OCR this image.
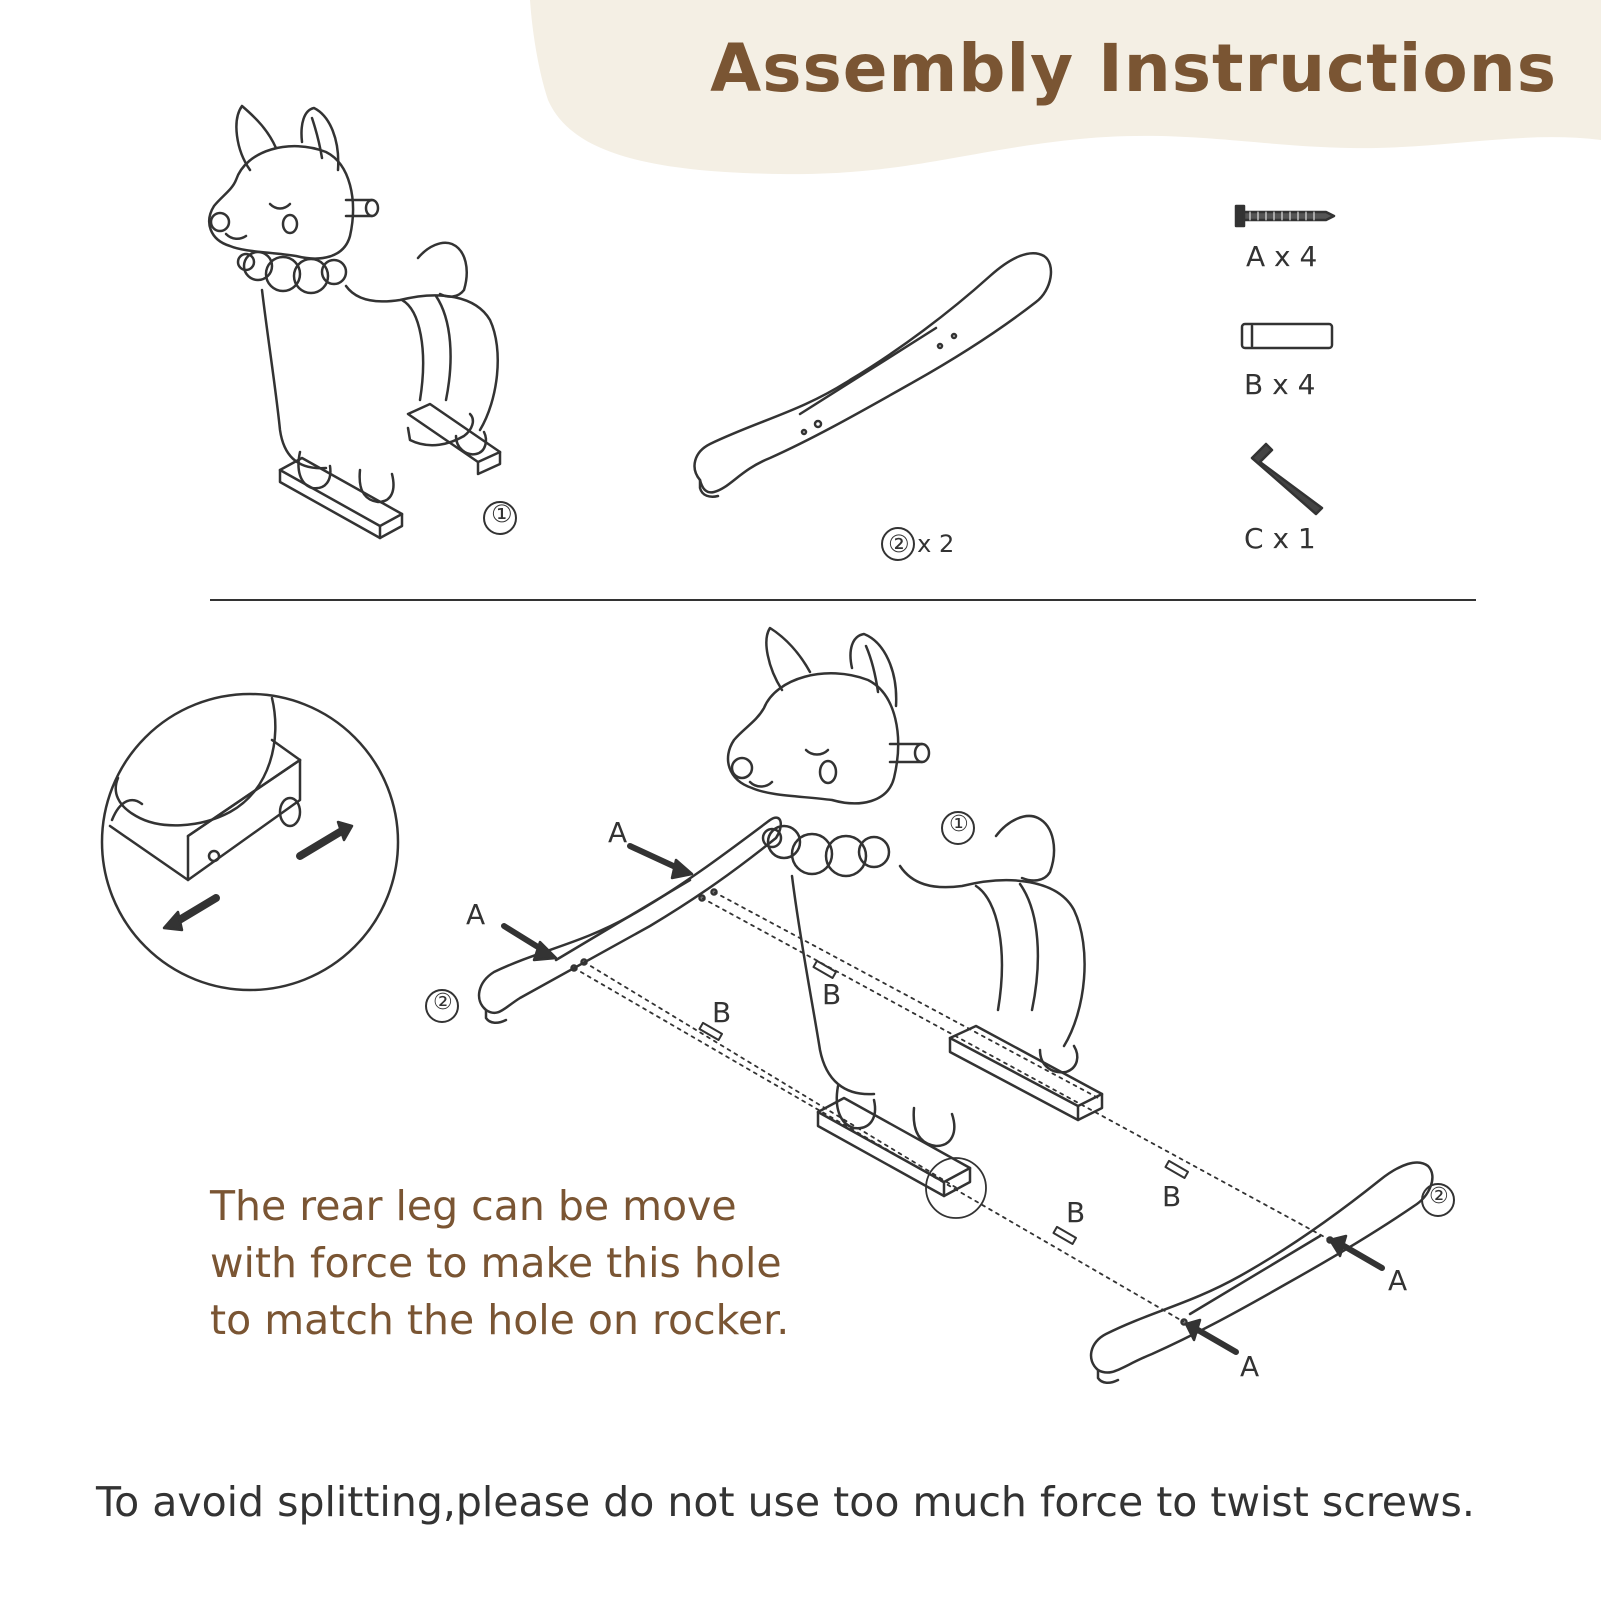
Assembly Instructions
①
② x 2
A x 4
B x 4
C x 1
A
A
A
A
B
B
B	B
①
②
②

The rear leg can be move
with force to make this hole
to match the hole on rocker.

To avoid splitting,please do not use too much force to twist screws.
